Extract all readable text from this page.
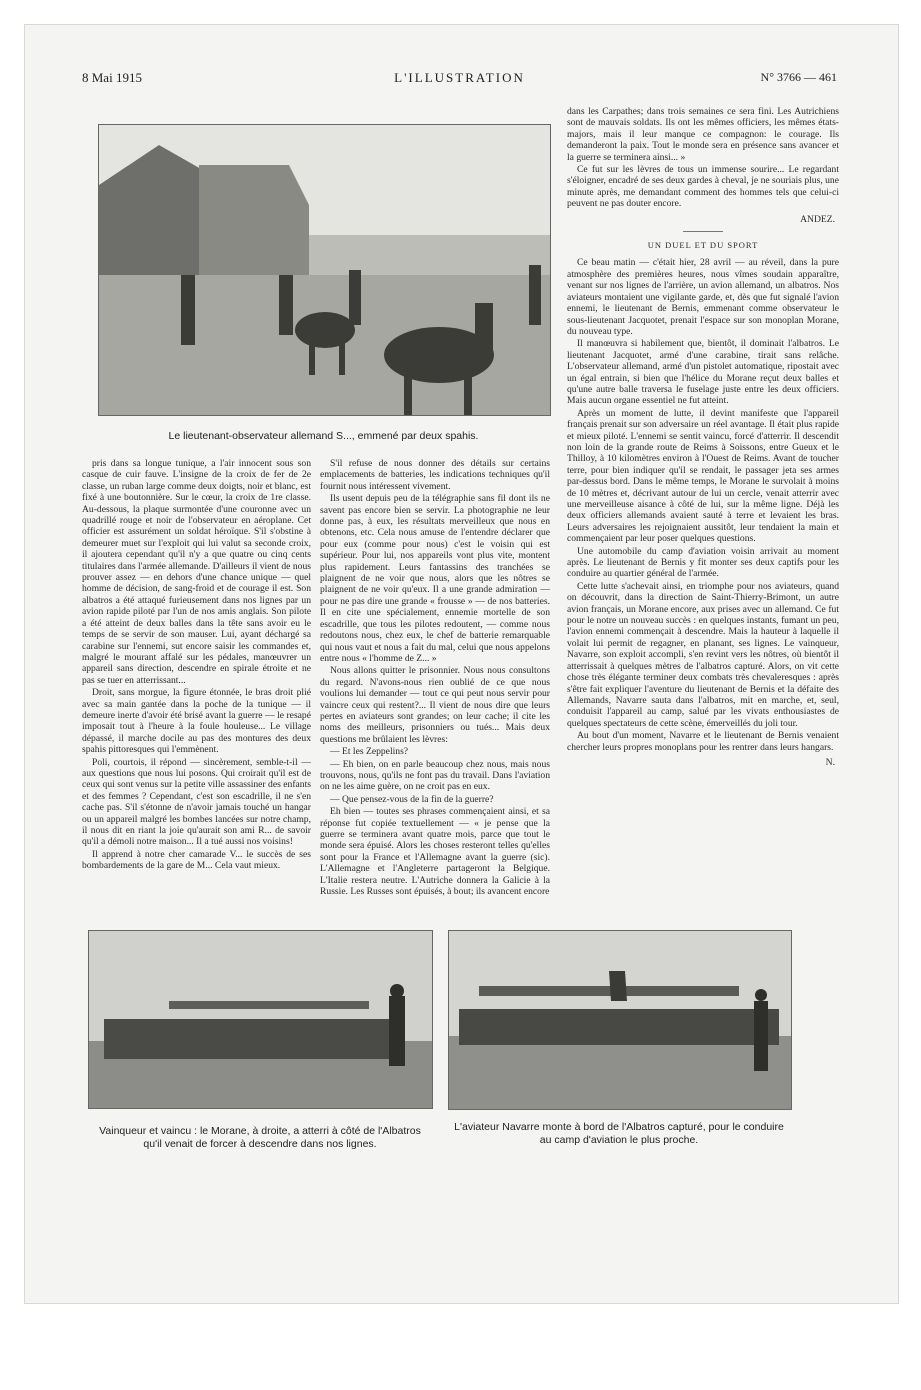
8 Mai 1915	L'ILLUSTRATION	N° 3766 — 461
Le lieutenant-observateur allemand S..., emmené par deux spahis.

pris dans sa longue tunique, a l'air innocent sous son casque de cuir fauve. L'insigne de la croix de fer de 2e classe, un ruban large comme deux doigts, noir et blanc, est fixé à une boutonnière. Sur le cœur, la croix de 1re classe. Au-dessous, la plaque surmontée d'une couronne avec un quadrillé rouge et noir de l'observateur en aéroplane. Cet officier est assurément un soldat héroïque. S'il s'obstine à demeurer muet sur l'exploit qui lui valut sa seconde croix, il ajoutera cependant qu'il n'y a que quatre ou cinq cents titulaires dans l'armée allemande. D'ailleurs il vient de nous prouver assez — en dehors d'une chance unique — quel homme de décision, de sang-froid et de courage il est. Son albatros a été attaqué furieusement dans nos lignes par un avion rapide piloté par l'un de nos amis anglais. Son pilote a été atteint de deux balles dans la tête sans avoir eu le temps de se servir de son mauser. Lui, ayant déchargé sa carabine sur l'ennemi, sut encore saisir les commandes et, malgré le mourant affalé sur les pédales, manœuvrer un appareil sans direction, descendre en spirale étroite et ne pas se tuer en atterrissant...

Droit, sans morgue, la figure étonnée, le bras droit plié avec sa main gantée dans la poche de la tunique — il demeure inerte d'avoir été brisé avant la guerre — le resapé imposait tout à l'heure à la foule houleuse... Le village dépassé, il marche docile au pas des montures des deux spahis pittoresques qui l'emmènent.

Poli, courtois, il répond — sincèrement, semble-t-il — aux questions que nous lui posons. Qui croirait qu'il est de ceux qui sont venus sur la petite ville assassiner des enfants et des femmes ? Cependant, c'est son escadrille, il ne s'en cache pas. S'il s'étonne de n'avoir jamais touché un hangar ou un appareil malgré les bombes lancées sur notre champ, il nous dit en riant la joie qu'aurait son ami R... de savoir qu'il a démoli notre maison... Il a tué aussi nos voisins!

Il apprend à notre cher camarade V... le succès de ses bombardements de la gare de M... Cela vaut mieux.

S'il refuse de nous donner des détails sur certains emplacements de batteries, les indications techniques qu'il fournit nous intéressent vivement.

Ils usent depuis peu de la télégraphie sans fil dont ils ne savent pas encore bien se servir. La photographie ne leur donne pas, à eux, les résultats merveilleux que nous en obtenons, etc. Cela nous amuse de l'entendre déclarer que pour eux (comme pour nous) c'est le voisin qui est supérieur. Pour lui, nos appareils vont plus vite, montent plus rapidement. Leurs fantassins des tranchées se plaignent de ne voir que nous, alors que les nôtres se plaignent de ne voir qu'eux. Il a une grande admiration — pour ne pas dire une grande « frousse » — de nos batteries. Il en cite une spécialement, ennemie mortelle de son escadrille, que tous les pilotes redoutent, — comme nous redoutons nous, chez eux, le chef de batterie remarquable qui nous vaut et nous a fait du mal, celui que nous appelons entre nous « l'homme de Z... »

Nous allons quitter le prisonnier. Nous nous consultons du regard. N'avons-nous rien oublié de ce que nous voulions lui demander — tout ce qui peut nous servir pour vaincre ceux qui restent?... Il vient de nous dire que leurs pertes en aviateurs sont grandes; on leur cache; il cite les noms des meilleurs, prisonniers ou tués... Mais deux questions me brûlaient les lèvres:

— Et les Zeppelins?

— Eh bien, on en parle beaucoup chez nous, mais nous trouvons, nous, qu'ils ne font pas du travail. Dans l'aviation on ne les aime guère, on ne croit pas en eux.

— Que pensez-vous de la fin de la guerre?

Eh bien — toutes ses phrases commençaient ainsi, et sa réponse fut copiée textuellement — « je pense que la guerre se terminera avant quatre mois, parce que tout le monde sera épuisé. Alors les choses resteront telles qu'elles sont pour la France et l'Allemagne avant la guerre (sic). L'Allemagne et l'Angleterre partageront la Belgique. L'Italie restera neutre. L'Autriche donnera la Galicie à la Russie. Les Russes sont épuisés, à bout; ils avancent encore

dans les Carpathes; dans trois semaines ce sera fini. Les Autrichiens sont de mauvais soldats. Ils ont les mêmes officiers, les mêmes états-majors, mais il leur manque ce compagnon: le courage. Ils demanderont la paix. Tout le monde sera en présence sans avancer et la guerre se terminera ainsi... »

Ce fut sur les lèvres de tous un immense sourire... Le regardant s'éloigner, encadré de ses deux gardes à cheval, je ne souriais plus, une minute après, me demandant comment des hommes tels que celui-ci peuvent ne pas douter encore.

ANDEZ.
UN DUEL ET DU SPORT

Ce beau matin — c'était hier, 28 avril — au réveil, dans la pure atmosphère des premières heures, nous vîmes soudain apparaître, venant sur nos lignes de l'arrière, un avion allemand, un albatros. Nos aviateurs montaient une vigilante garde, et, dès que fut signalé l'avion ennemi, le lieutenant de Bernis, emmenant comme observateur le sous-lieutenant Jacquotet, prenait l'espace sur son monoplan Morane, du nouveau type.

Il manœuvra si habilement que, bientôt, il dominait l'albatros. Le lieutenant Jacquotet, armé d'une carabine, tirait sans relâche. L'observateur allemand, armé d'un pistolet automatique, ripostait avec un égal entrain, si bien que l'hélice du Morane reçut deux balles et qu'une autre balle traversa le fuselage juste entre les deux officiers. Mais aucun organe essentiel ne fut atteint.

Après un moment de lutte, il devint manifeste que l'appareil français prenait sur son adversaire un réel avantage. Il était plus rapide et mieux piloté. L'ennemi se sentit vaincu, forcé d'atterrir. Il descendit non loin de la grande route de Reims à Soissons, entre Gueux et le Thilloy, à 10 kilomètres environ à l'Ouest de Reims. Avant de toucher terre, pour bien indiquer qu'il se rendait, le passager jeta ses armes par-dessus bord. Dans le même temps, le Morane le survolait à moins de 10 mètres et, décrivant autour de lui un cercle, venait atterrir avec une merveilleuse aisance à côté de lui, sur la même ligne. Déjà les deux officiers allemands avaient sauté à terre et levaient les bras. Leurs adversaires les rejoignaient aussitôt, leur tendaient la main et commençaient par leur poser quelques questions.

Une automobile du camp d'aviation voisin arrivait au moment après. Le lieutenant de Bernis y fit monter ses deux captifs pour les conduire au quartier général de l'armée.

Cette lutte s'achevait ainsi, en triomphe pour nos aviateurs, quand on découvrit, dans la direction de Saint-Thierry-Brimont, un autre avion français, un Morane encore, aux prises avec un allemand. Ce fut pour le notre un nouveau succès : en quelques instants, fumant un peu, l'avion ennemi commençait à descendre. Mais la hauteur à laquelle il volait lui permit de regagner, en planant, ses lignes. Le vainqueur, Navarre, son exploit accompli, s'en revint vers les nôtres, où bientôt il atterrissait à quelques mètres de l'albatros capturé. Alors, on vit cette chose très élégante terminer deux combats très chevaleresques : après s'être fait expliquer l'aventure du lieutenant de Bernis et la défaite des Allemands, Navarre sauta dans l'albatros, mit en marche, et, seul, conduisit l'appareil au camp, salué par les vivats enthousiastes de quelques spectateurs de cette scène, émerveillés du joli tour.

Au bout d'un moment, Navarre et le lieutenant de Bernis venaient chercher leurs propres monoplans pour les rentrer dans leurs hangars.

N.
Vainqueur et vaincu : le Morane, à droite, a atterri à côté de l'Albatros
qu'il venait de forcer à descendre dans nos lignes.
L'aviateur Navarre monte à bord de l'Albatros capturé, pour le conduire
au camp d'aviation le plus proche.
